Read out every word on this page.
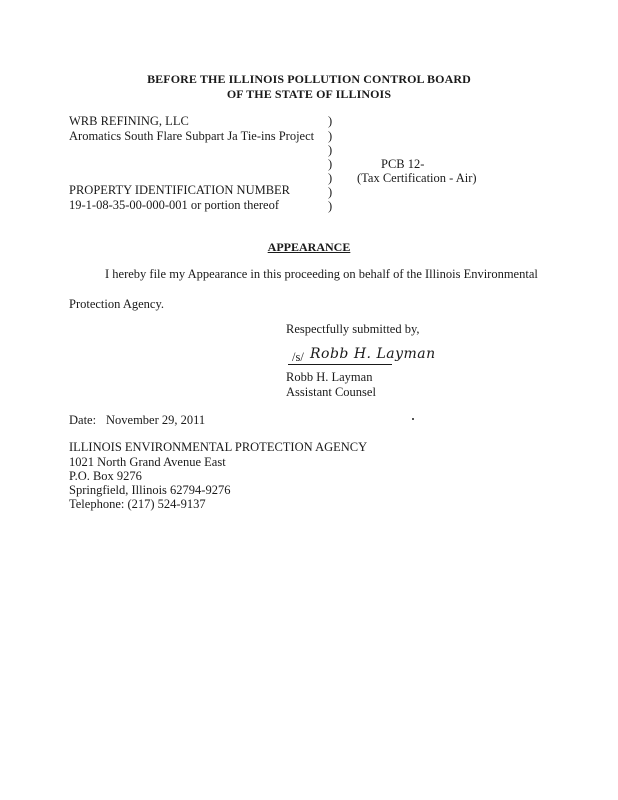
BEFORE THE ILLINOIS POLLUTION CONTROL BOARD
OF THE STATE OF ILLINOIS
WRB REFINING, LLC
Aromatics South Flare Subpart Ja Tie-ins Project
PROPERTY IDENTIFICATION NUMBER
19-1-08-35-00-000-001 or portion thereof
)
)
)
)
)
)
)
PCB 12-
(Tax Certification - Air)
APPEARANCE
I hereby file my Appearance in this proceeding on behalf of the Illinois Environmental
Protection Agency.
Respectfully submitted by,
/s/ Robb H. Layman
Robb H. Layman
Assistant Counsel
Date: November 29, 2011
ILLINOIS ENVIRONMENTAL PROTECTION AGENCY
1021 North Grand Avenue East
P.O. Box 9276
Springfield, Illinois 62794-9276
Telephone: (217) 524-9137
